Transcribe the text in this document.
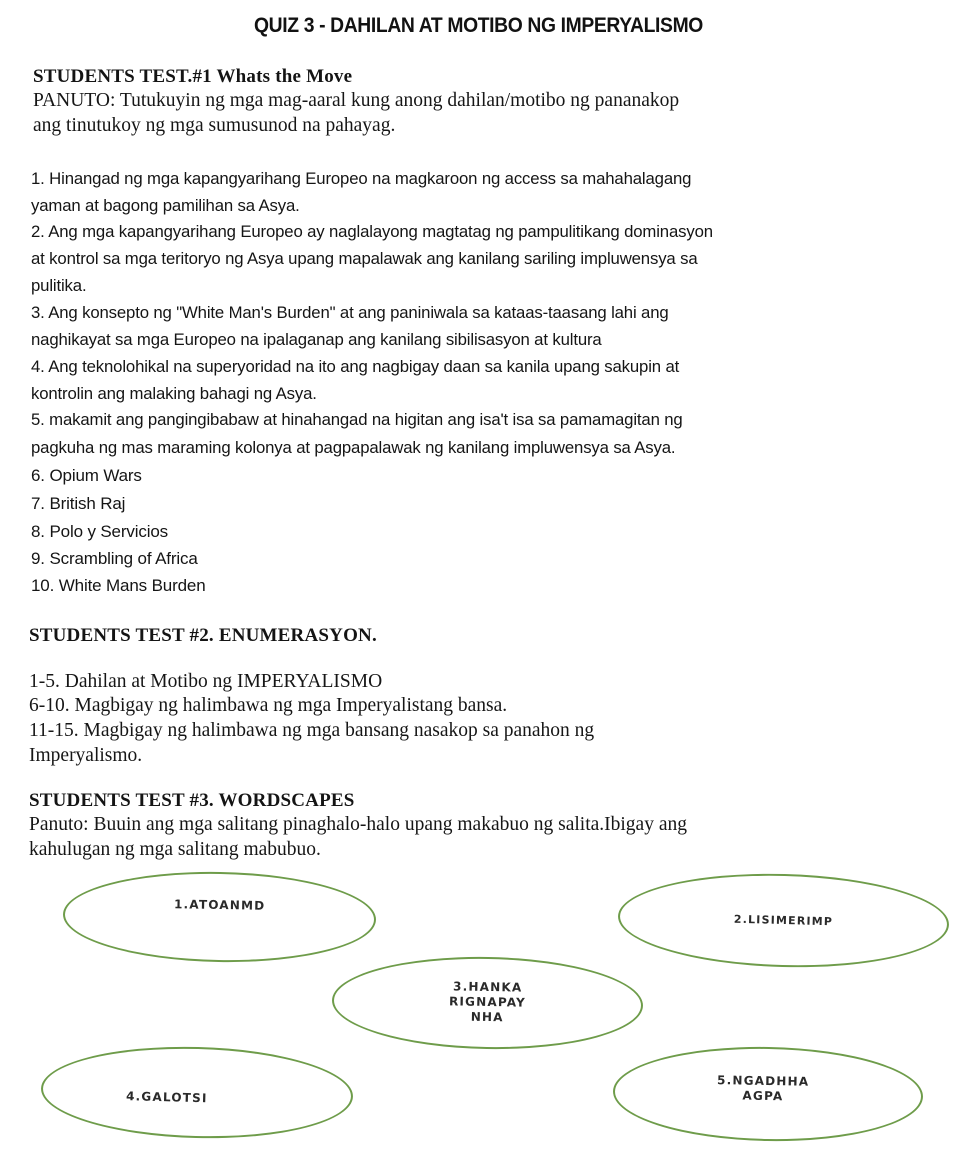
QUIZ 3 - DAHILAN AT MOTIBO NG IMPERYALISMO
STUDENTS TEST.#1 Whats the Move
PANUTO: Tutukuyin ng mga mag-aaral kung anong dahilan/motibo ng pananakop
ang tinutukoy ng mga sumusunod na pahayag.
1. Hinangad ng mga kapangyarihang Europeo na magkaroon ng access sa mahahalagang
yaman at bagong pamilihan sa Asya.
2. Ang mga kapangyarihang Europeo ay naglalayong magtatag ng pampulitikang dominasyon
at kontrol sa mga teritoryo ng Asya upang mapalawak ang kanilang sariling impluwensya sa
pulitika.
3. Ang konsepto ng "White Man's Burden" at ang paniniwala sa kataas-taasang lahi ang
naghikayat sa mga Europeo na ipalaganap ang kanilang sibilisasyon at kultura
4. Ang teknolohikal na superyoridad na ito ang nagbigay daan sa kanila upang sakupin at
kontrolin ang malaking bahagi ng Asya.
5. makamit ang pangingibabaw at hinahangad na higitan ang isa't isa sa pamamagitan ng
pagkuha ng mas maraming kolonya at pagpapalawak ng kanilang impluwensya sa Asya.
6. Opium Wars
7. British Raj
8. Polo y Servicios
9. Scrambling of Africa
10. White Mans Burden
STUDENTS TEST #2. ENUMERASYON.
1-5. Dahilan at Motibo ng IMPERYALISMO
6-10. Magbigay ng halimbawa ng mga Imperyalistang bansa.
11-15. Magbigay ng halimbawa ng mga bansang nasakop sa panahon ng
Imperyalismo.
STUDENTS TEST #3. WORDSCAPES
Panuto: Buuin ang mga salitang pinaghalo-halo upang makabuo ng salita.Ibigay ang
kahulugan ng mga salitang mabubuo.
1.ATOANMD
2.LISIMERIMP
3.HANKA
RIGNAPAY
NHA
4.GALOTSI
5.NGADHHA
AGPA
